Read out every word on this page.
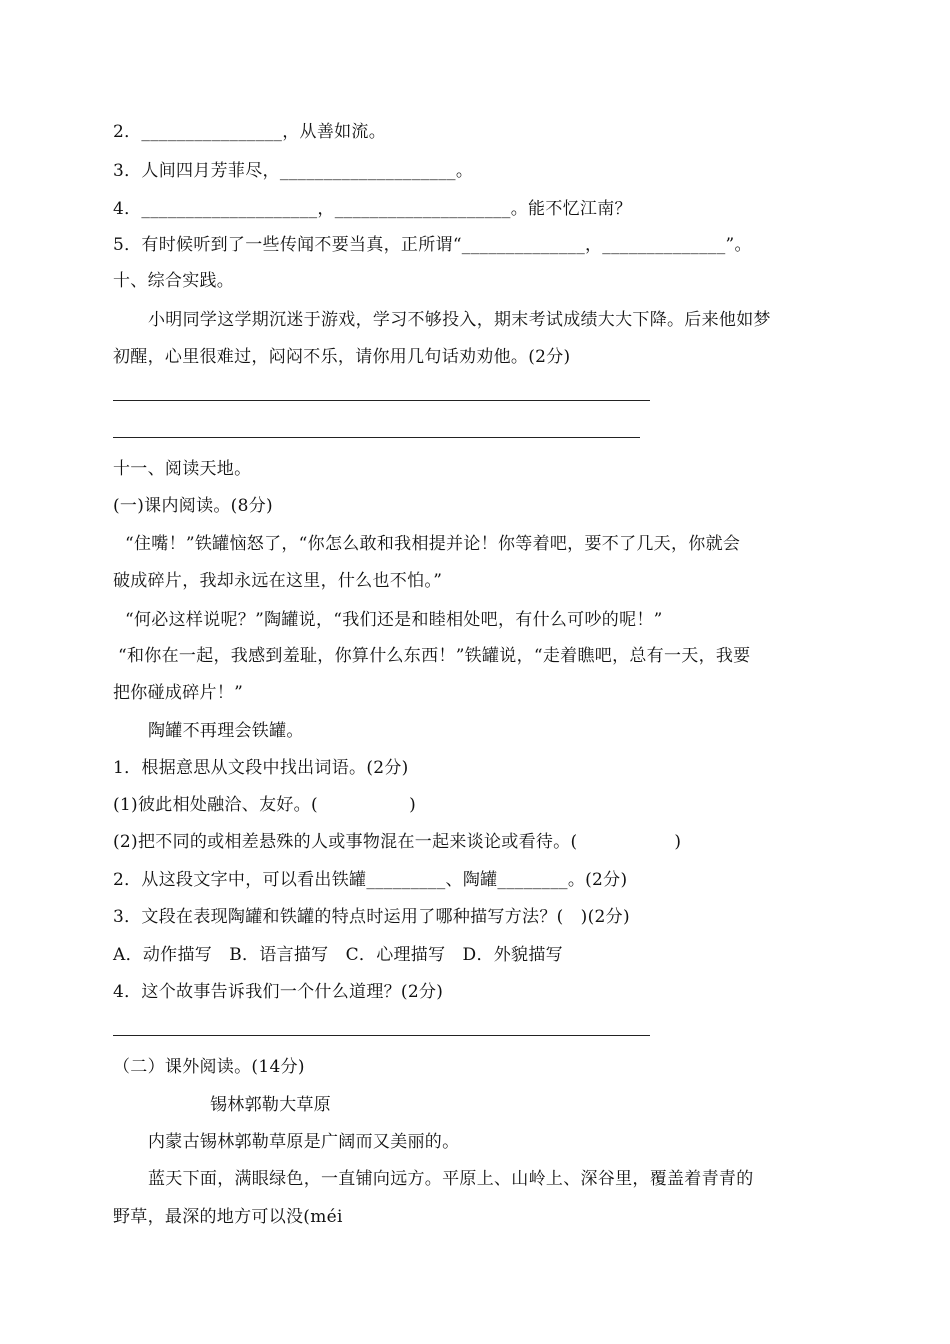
2．________________，从善如流。
3．人间四月芳菲尽，____________________。
4．____________________，____________________。能不忆江南？
5．有时候听到了一些传闻不要当真，正所谓“______________，______________”。
十、综合实践。
小明同学这学期沉迷于游戏，学习不够投入，期末考试成绩大大下降。后来他如梦
初醒，心里很难过，闷闷不乐，请你用几句话劝劝他。(2分)
十一、阅读天地。
(一)课内阅读。(8分)
“住嘴！”铁罐恼怒了，“你怎么敢和我相提并论！你等着吧，要不了几天，你就会
破成碎片，我却永远在这里，什么也不怕。”
“何必这样说呢？”陶罐说，“我们还是和睦相处吧，有什么可吵的呢！”
“和你在一起，我感到羞耻，你算什么东西！”铁罐说，“走着瞧吧，总有一天，我要
把你碰成碎片！”
陶罐不再理会铁罐。
1．根据意思从文段中找出词语。(2分)
(1)彼此相处融洽、友好。(                )
(2)把不同的或相差悬殊的人或事物混在一起来谈论或看待。(                 )
2．从这段文字中，可以看出铁罐_________、陶罐________。(2分)
3．文段在表现陶罐和铁罐的特点时运用了哪种描写方法？(   )(2分)
A．动作描写   B．语言描写   C．心理描写   D．外貌描写
4．这个故事告诉我们一个什么道理？(2分)
（二）课外阅读。(14分)
锡林郭勒大草原
内蒙古锡林郭勒草原是广阔而又美丽的。
蓝天下面，满眼绿色，一直铺向远方。平原上、山岭上、深谷里，覆盖着青青的
野草，最深的地方可以没(méi
